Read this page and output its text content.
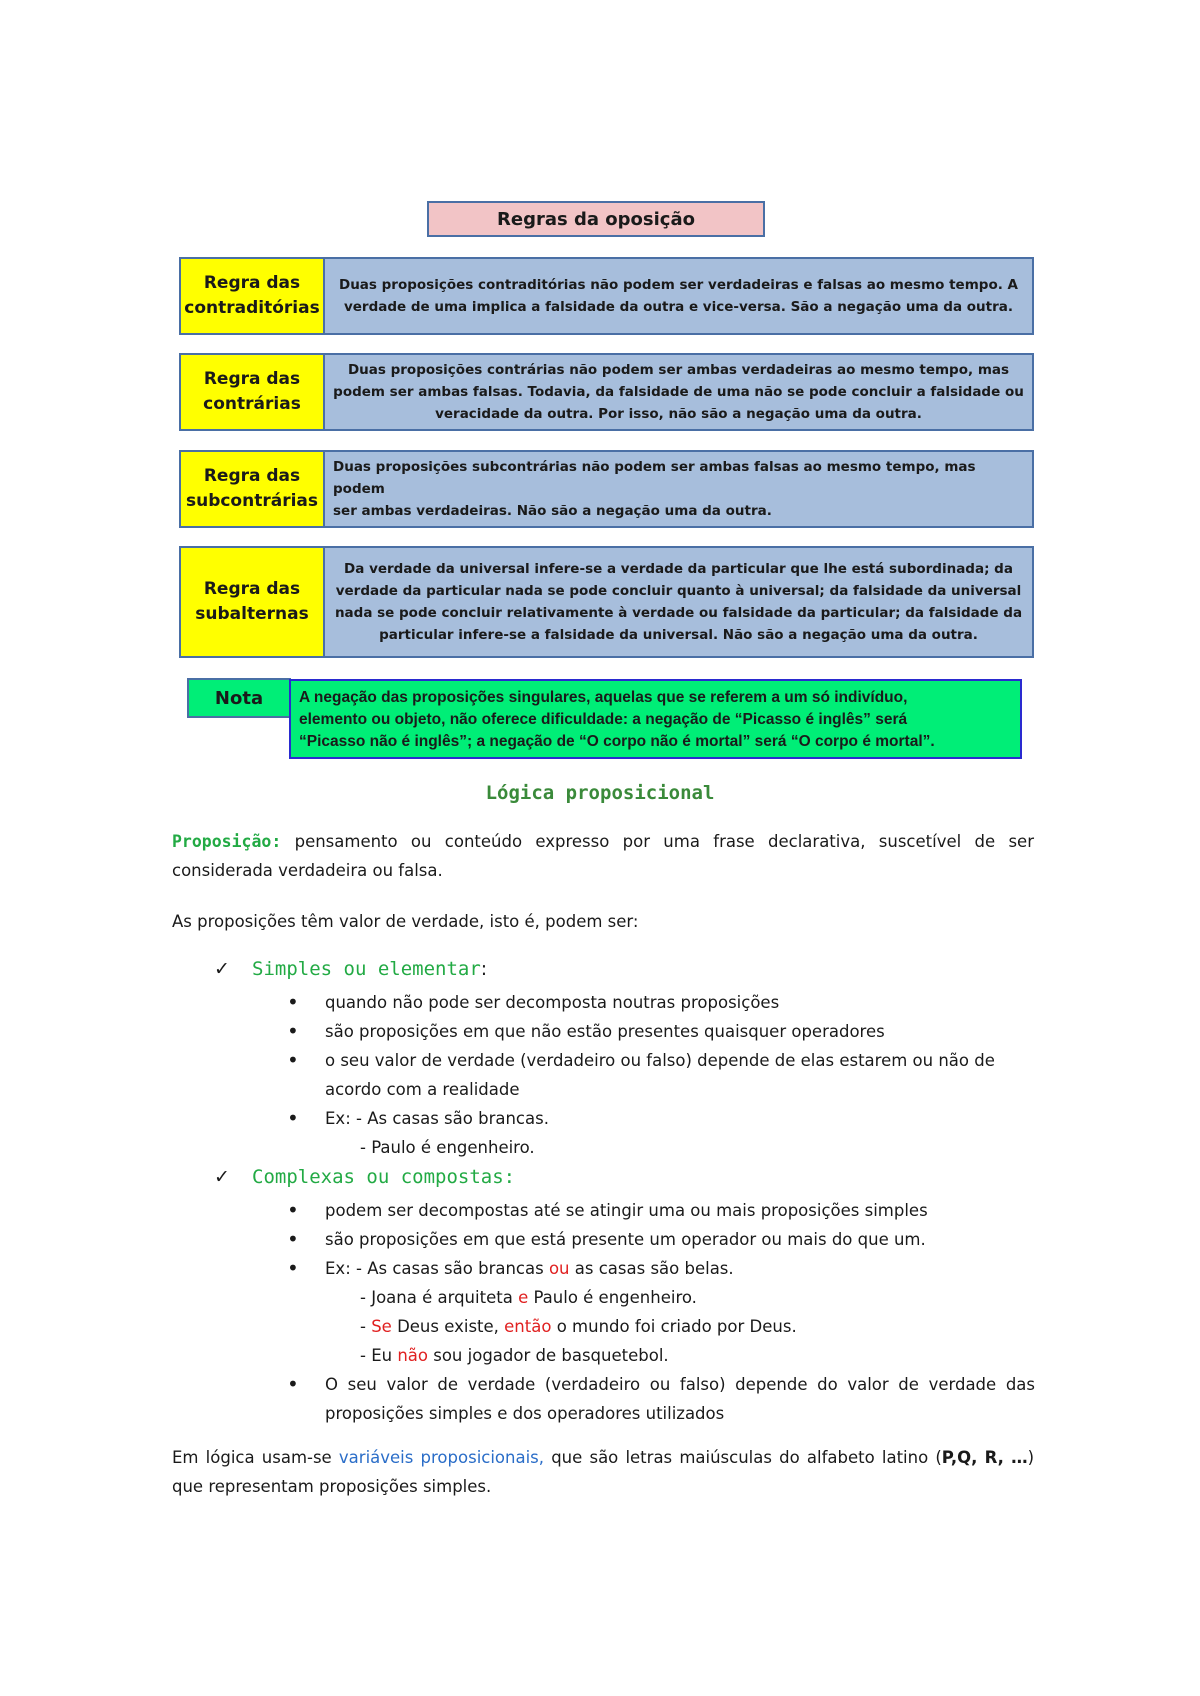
Regras da oposição
Regra das
contraditórias
Duas proposições contraditórias não podem ser verdadeiras e falsas ao mesmo tempo. A
verdade de uma implica a falsidade da outra e vice-versa. São a negação uma da outra.
Regra das
contrárias
Duas proposições contrárias não podem ser ambas verdadeiras ao mesmo tempo, mas
podem ser ambas falsas. Todavia, da falsidade de uma não se pode concluir a falsidade ou
veracidade da outra. Por isso, não são a negação uma da outra.
Regra das
subcontrárias
Duas proposições subcontrárias não podem ser ambas falsas ao mesmo tempo, mas podem
ser ambas verdadeiras. Não são a negação uma da outra.
Regra das
subalternas
Da verdade da universal infere-se a verdade da particular que lhe está subordinada; da
verdade da particular nada se pode concluir quanto à universal; da falsidade da universal
nada se pode concluir relativamente à verdade ou falsidade da particular; da falsidade da
particular infere-se a falsidade da universal. Não são a negação uma da outra.
Nota	A negação das proposições singulares, aquelas que se referem a um só indivíduo,
elemento ou objeto, não oferece dificuldade: a negação de “Picasso é inglês” será
“Picasso não é inglês”; a negação de “O corpo não é mortal” será “O corpo é mortal”.
Lógica proposicional
Proposição: pensamento ou conteúdo expresso por uma frase declarativa, suscetível de ser considerada verdadeira ou falsa.
As proposições têm valor de verdade, isto é, podem ser:
✓ Simples ou elementar:
• quando não pode ser decomposta noutras proposições
• são proposições em que não estão presentes quaisquer operadores
• o seu valor de verdade (verdadeiro ou falso) depende de elas estarem ou não de acordo com a realidade
• Ex: - As casas são brancas.
- Paulo é engenheiro.
✓ Complexas ou compostas:
• podem ser decompostas até se atingir uma ou mais proposições simples
• são proposições em que está presente um operador ou mais do que um.
• Ex: - As casas são brancas ou as casas são belas.
- Joana é arquiteta e Paulo é engenheiro.
- Se Deus existe, então o mundo foi criado por Deus.
- Eu não sou jogador de basquetebol.
• O seu valor de verdade (verdadeiro ou falso) depende do valor de verdade das proposições simples e dos operadores utilizados
Em lógica usam-se variáveis proposicionais, que são letras maiúsculas do alfabeto latino (P,Q, R, …) que representam proposições simples.
